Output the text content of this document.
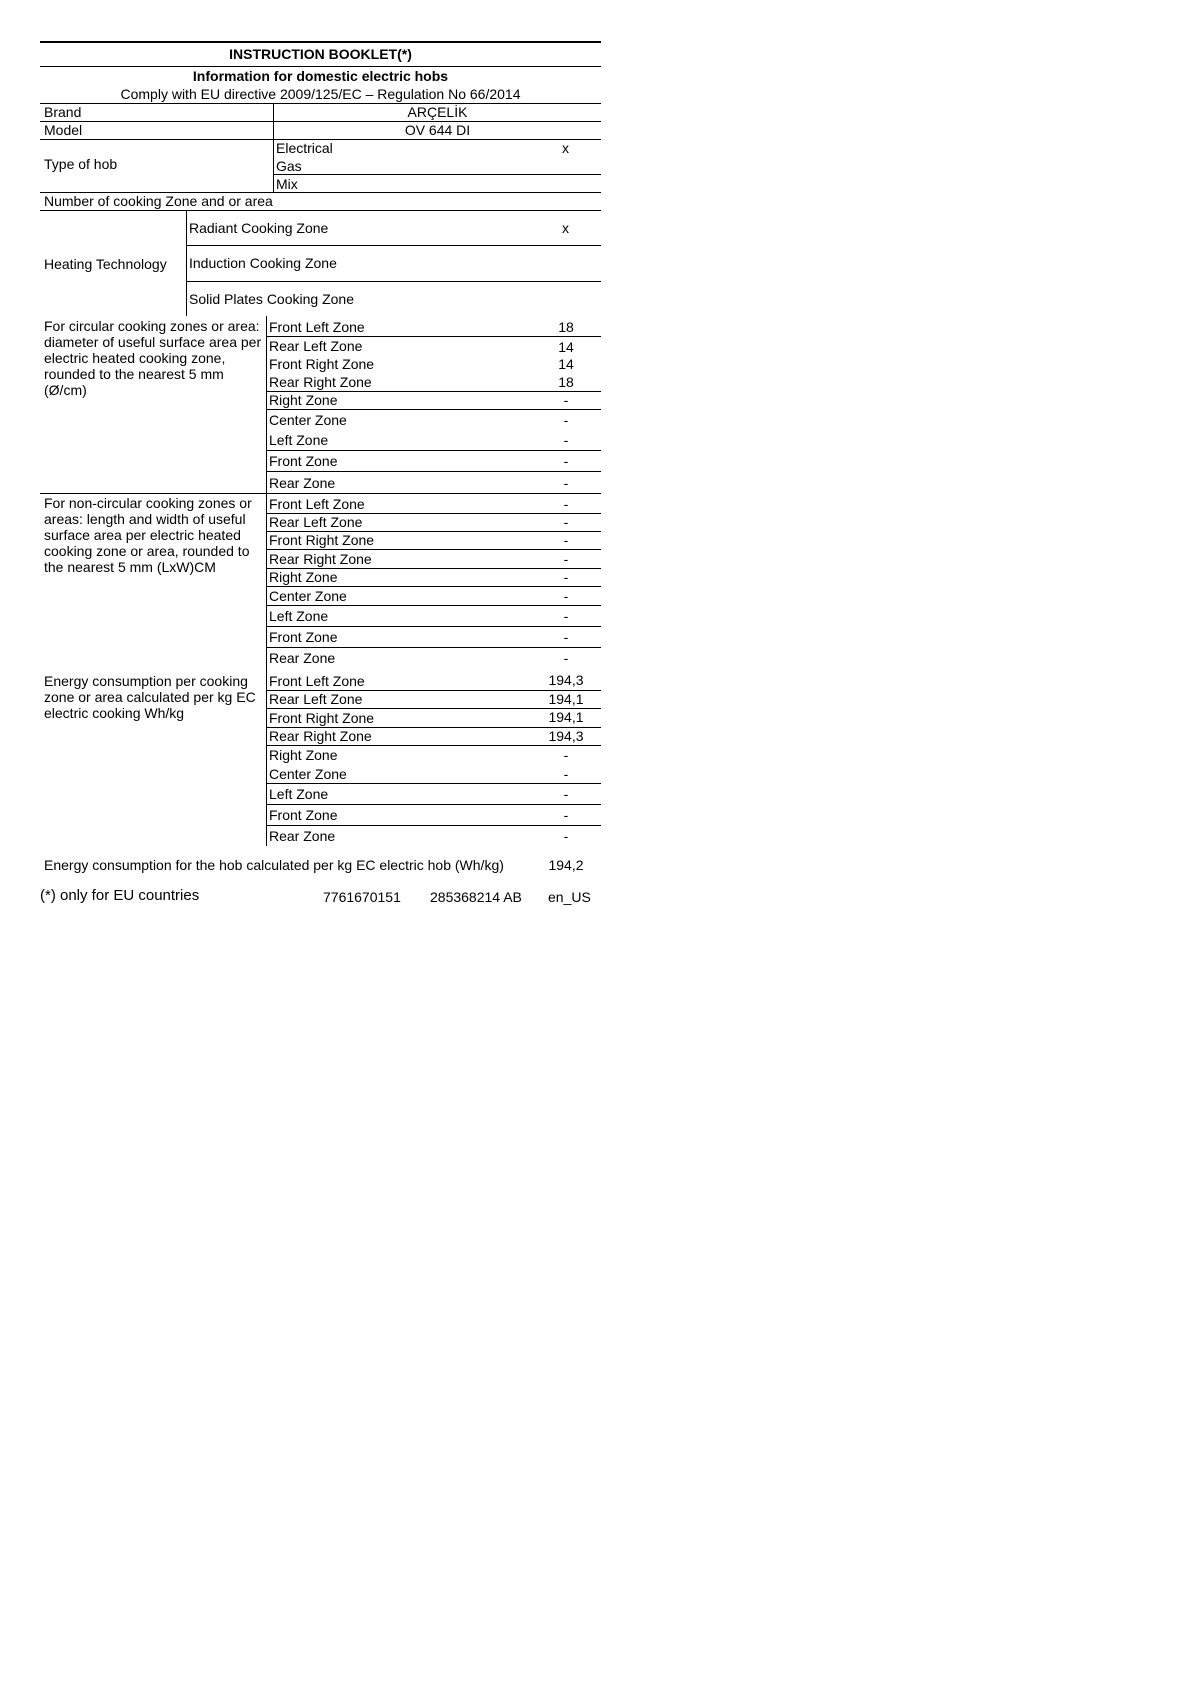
INSTRUCTION BOOKLET(*)
Information for domestic electric hobs
Comply with EU directive 2009/125/EC – Regulation No 66/2014
Brand	ARÇELİK
Model	OV 644 DI
Type of hob
Electrical	x
Gas
Mix
Number of cooking Zone and or area
Heating Technology
Radiant Cooking Zone	x
Induction Cooking Zone
Solid Plates Cooking Zone
For circular cooking zones or area: diameter of useful surface area per electric heated cooking zone, rounded to the nearest 5 mm (Ø/cm)
Front Left Zone	18
Rear Left Zone	14
Front Right Zone	14
Rear Right Zone	18
Right Zone	-
Center Zone	-
Left Zone	-
Front Zone	-
Rear Zone	-
For non-circular cooking zones or areas: length and width of useful surface area per electric heated cooking zone or area, rounded to the nearest 5 mm (LxW)CM
Front Left Zone	-
Rear Left Zone	-
Front Right Zone	-
Rear Right Zone	-
Right Zone	-
Center Zone	-
Left Zone	-
Front Zone	-
Rear Zone	-
Energy consumption per cooking zone or area calculated per kg EC electric cooking Wh/kg
Front Left Zone	194,3
Rear Left Zone	194,1
Front Right Zone	194,1
Rear Right Zone	194,3
Right Zone	-
Center Zone	-
Left Zone	-
Front Zone	-
Rear Zone	-
Energy consumption for the hob calculated per kg EC electric hob (Wh/kg)	194,2
(*) only for EU countries	7761670151 285368214 AB en_US
